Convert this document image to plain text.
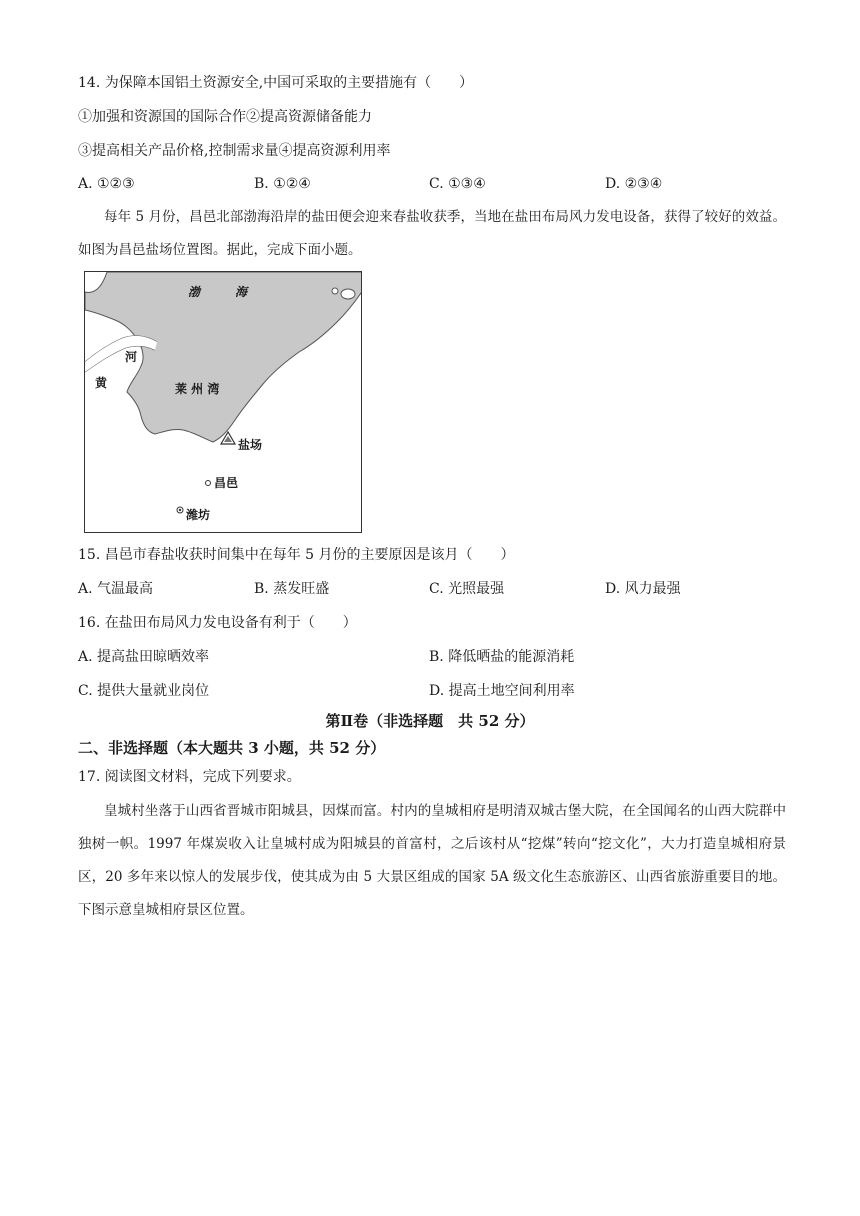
14. 为保障本国铝土资源安全,中国可采取的主要措施有（　　）
①加强和资源国的国际合作②提高资源储备能力
③提高相关产品价格,控制需求量④提高资源利用率
A. ①②③	B. ①②④	C. ①③④	D. ②③④
每年 5 月份，昌邑北部渤海沿岸的盐田便会迎来春盐收获季，当地在盐田布局风力发电设备，获得了较好的效益。如图为昌邑盐场位置图。据此，完成下面小题。
渤	海
河
黄	莱 州 湾
盐场
昌邑
潍坊
15. 昌邑市春盐收获时间集中在每年 5 月份的主要原因是该月（　　）
A. 气温最高	B. 蒸发旺盛	C. 光照最强	D. 风力最强
16. 在盐田布局风力发电设备有利于（　　）
A. 提高盐田晾晒效率	B. 降低晒盐的能源消耗
C. 提供大量就业岗位	D. 提高土地空间利用率
第Ⅱ卷（非选择题　共 52 分）
二、非选择题（本大题共 3 小题，共 52 分）
17. 阅读图文材料，完成下列要求。
皇城村坐落于山西省晋城市阳城县，因煤而富。村内的皇城相府是明清双城古堡大院，在全国闻名的山西大院群中独树一帜。1997 年煤炭收入让皇城村成为阳城县的首富村，之后该村从“挖煤”转向“挖文化”，大力打造皇城相府景区，20 多年来以惊人的发展步伐，使其成为由 5 大景区组成的国家 5A 级文化生态旅游区、山西省旅游重要目的地。下图示意皇城相府景区位置。
